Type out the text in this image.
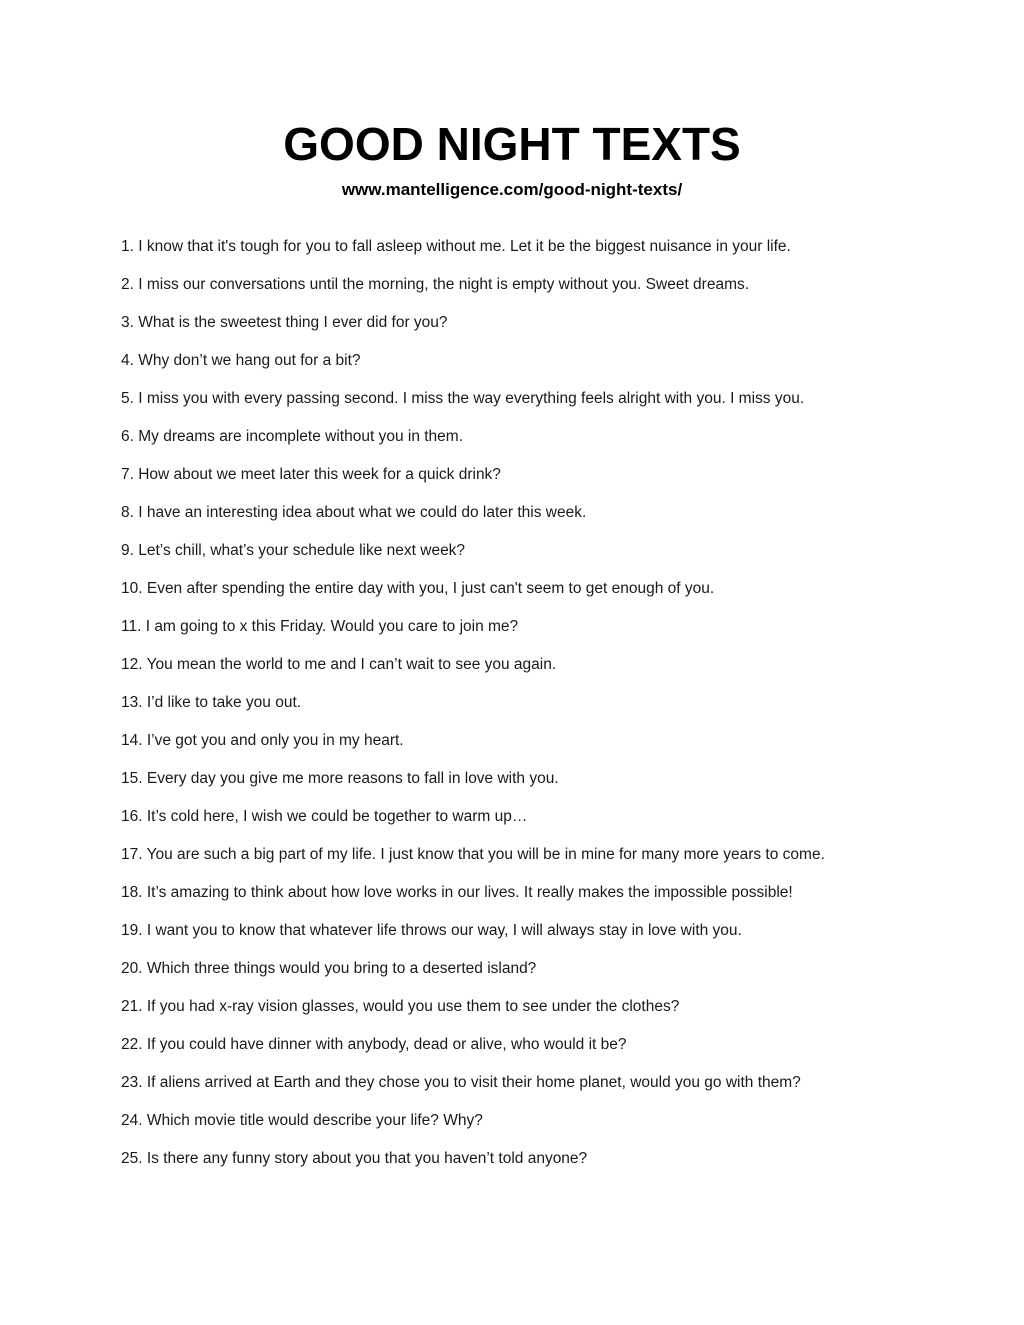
GOOD NIGHT TEXTS

www.mantelligence.com/good-night-texts/

1. I know that it's tough for you to fall asleep without me. Let it be the biggest nuisance in your life.

2. I miss our conversations until the morning, the night is empty without you. Sweet dreams.

3. What is the sweetest thing I ever did for you?

4. Why don’t we hang out for a bit?

5. I miss you with every passing second. I miss the way everything feels alright with you. I miss you.

6. My dreams are incomplete without you in them.

7. How about we meet later this week for a quick drink?

8. I have an interesting idea about what we could do later this week.

9. Let’s chill, what’s your schedule like next week?

10. Even after spending the entire day with you, I just can't seem to get enough of you.

11. I am going to x this Friday. Would you care to join me?

12. You mean the world to me and I can’t wait to see you again.

13. I’d like to take you out.

14. I’ve got you and only you in my heart.

15. Every day you give me more reasons to fall in love with you.

16. It’s cold here, I wish we could be together to warm up…

17. You are such a big part of my life. I just know that you will be in mine for many more years to come.

18. It’s amazing to think about how love works in our lives. It really makes the impossible possible!

19. I want you to know that whatever life throws our way, I will always stay in love with you.

20. Which three things would you bring to a deserted island?

21. If you had x-ray vision glasses, would you use them to see under the clothes?

22. If you could have dinner with anybody, dead or alive, who would it be?

23. If aliens arrived at Earth and they chose you to visit their home planet, would you go with them?

24. Which movie title would describe your life? Why?

25. Is there any funny story about you that you haven’t told anyone?
